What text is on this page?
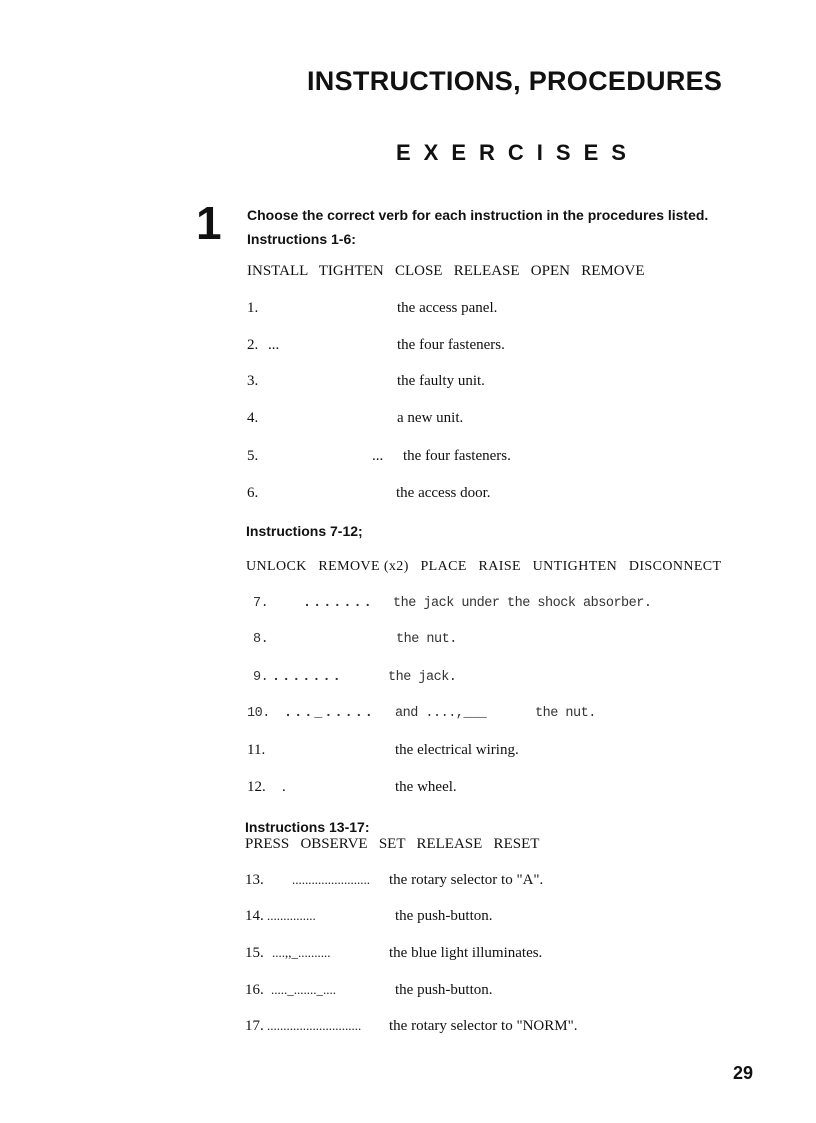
INSTRUCTIONS, PROCEDURES
EXERCISES
1 Choose the correct verb for each instruction in the procedures listed.
Instructions 1-6:
INSTALL   TIGHTEN   CLOSE   RELEASE   OPEN   REMOVE
1.	the access panel.
2. ...	the four fasteners.
3.	the faulty unit.
4.	a new unit.
5.	... the four fasteners.
6.	the access door.
Instructions 7-12;
UNLOCK   REMOVE (x2)   PLACE   RAISE   UNTIGHTEN   DISCONNECT
7.	....... the jack under the shock absorber.
8.	the nut.
9. .......	the jack.
10. ..._..... and ....,___	the nut.
11.	the electrical wiring.
12. .	the wheel.
Instructions 13-17:
PRESS   OBSERVE   SET   RELEASE   RESET
13. ........................ the rotary selector to "A".
14. ...............	the push-button.
15. ....,,_..........	the blue light illuminates.
16. ....._......._....	the push-button.
17. ............................. the rotary selector to "NORM".
29
